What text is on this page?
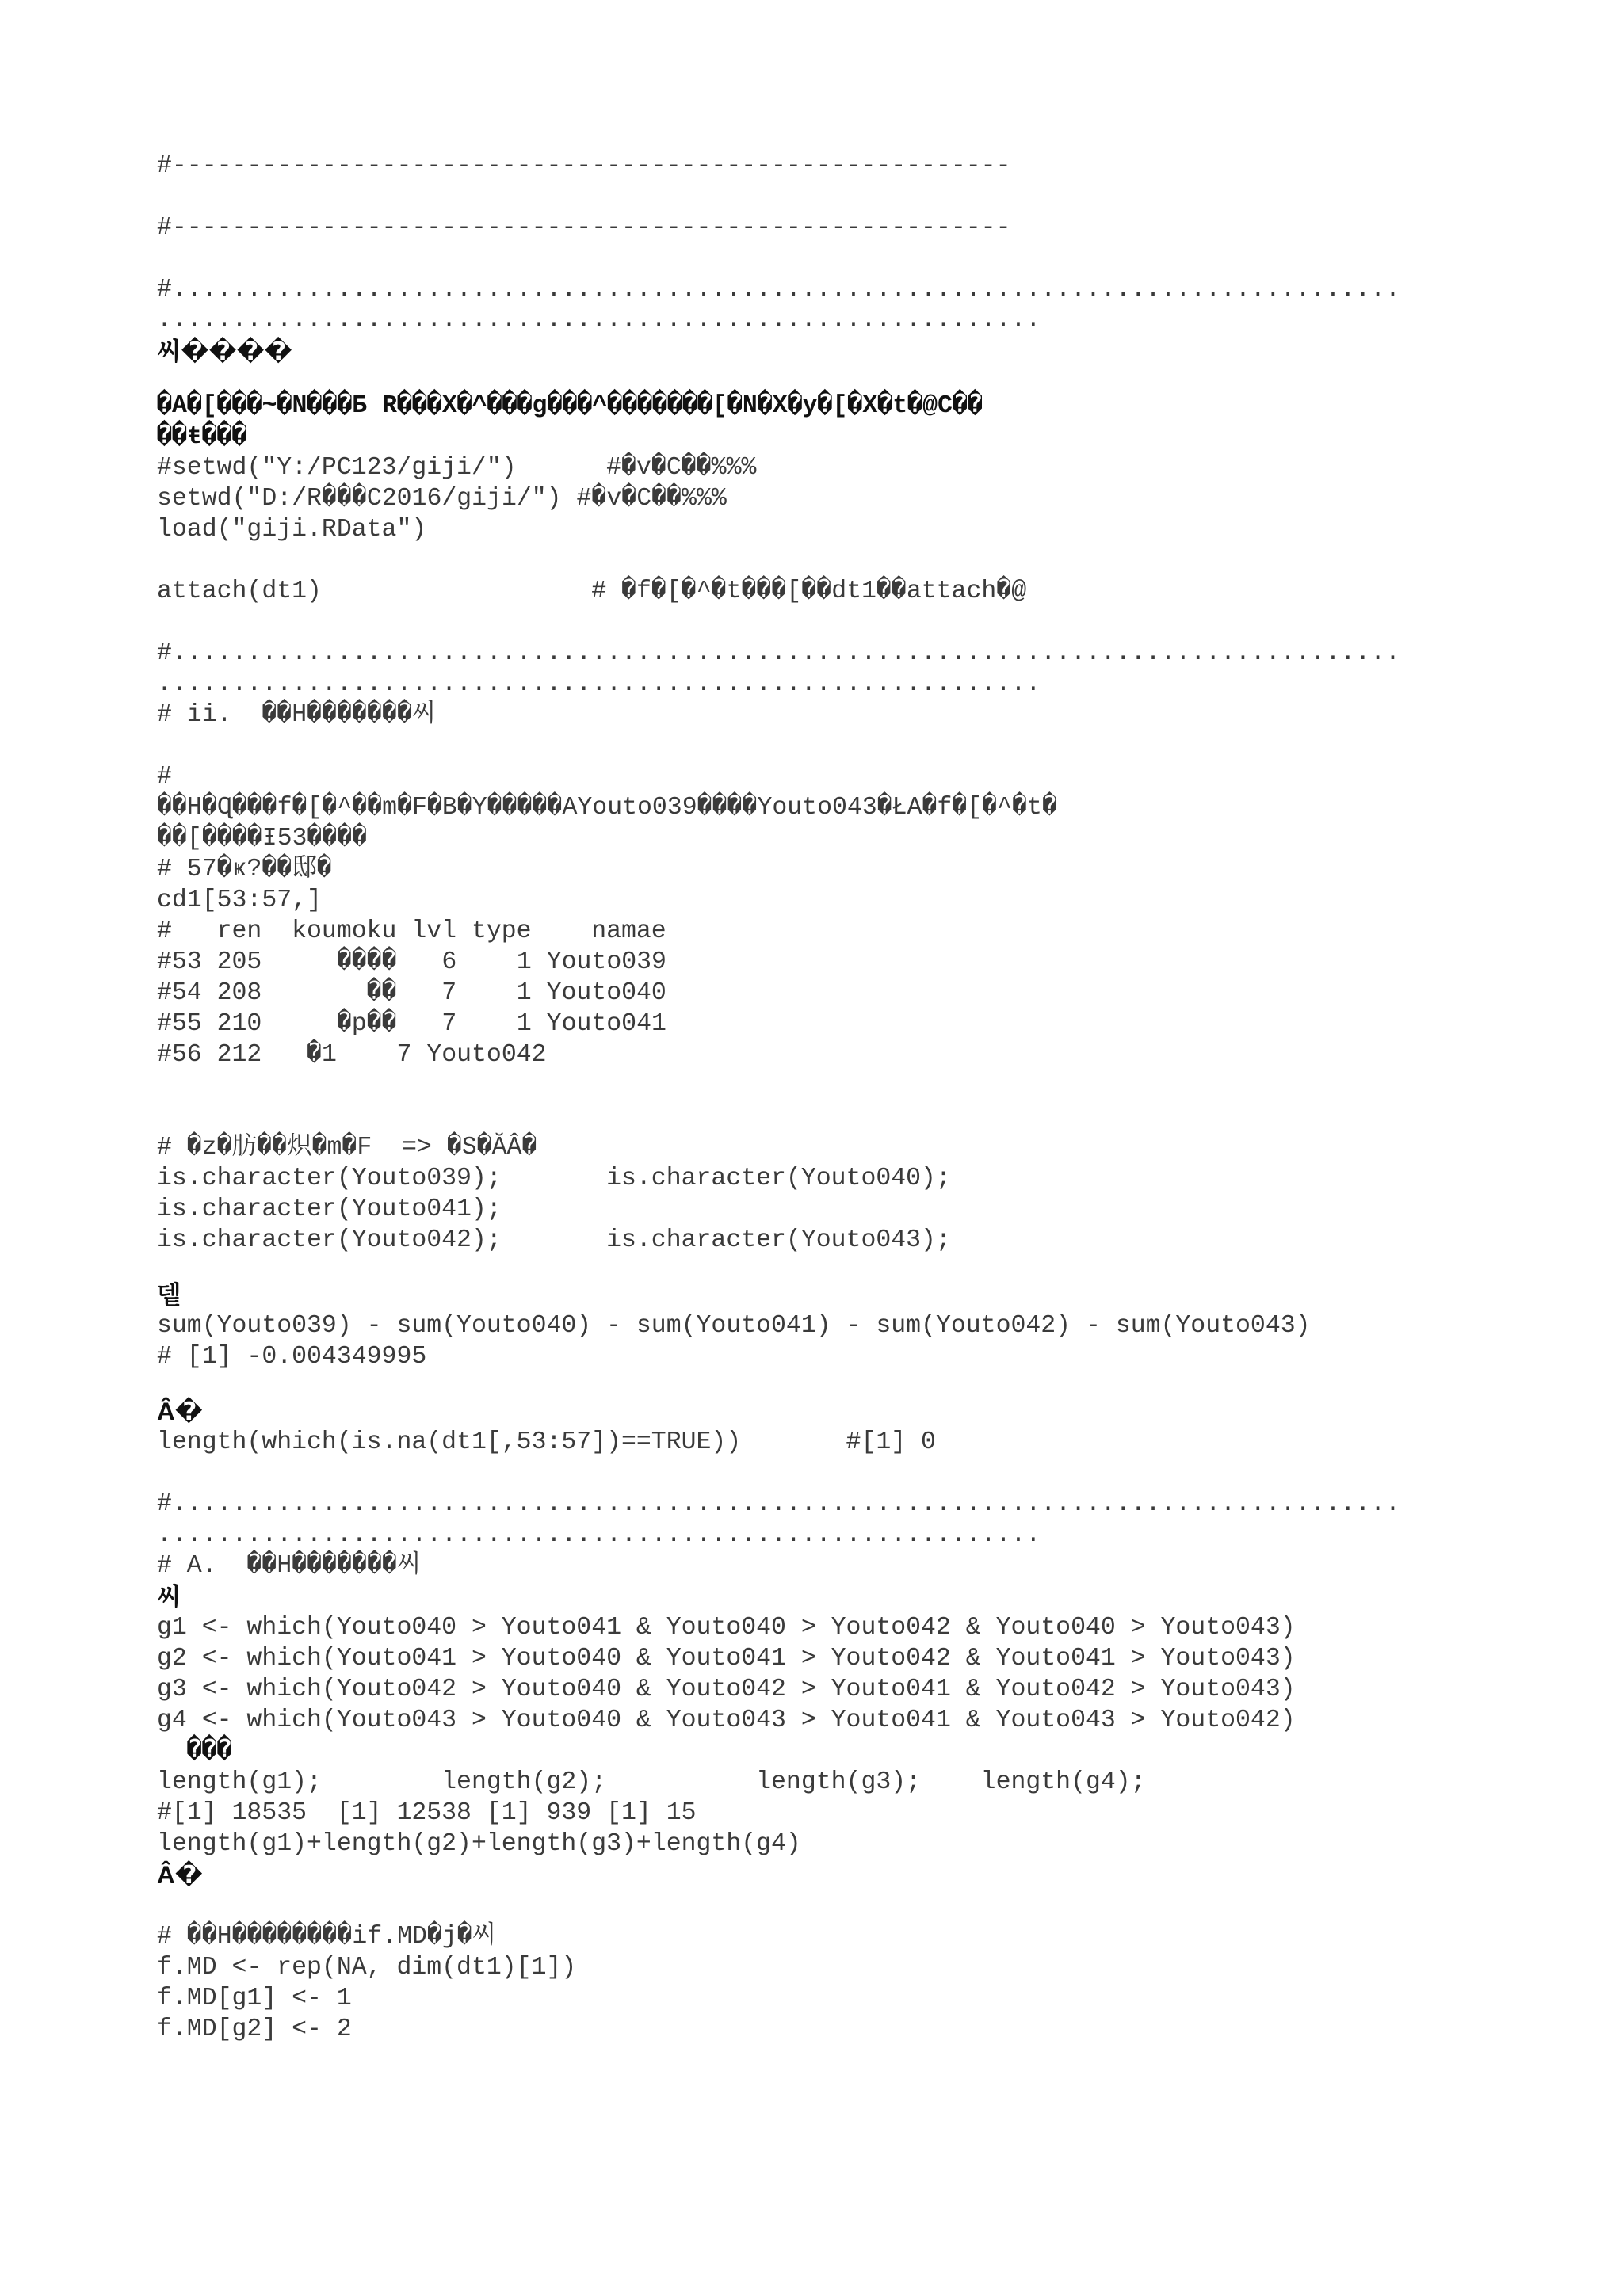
#--------------------------------------------------------
#--------------------------------------------------------
#..................................................................................
...........................................................
씨����
�A�[���~�N���Б R���X�^���g���^�������[�N�X�y�[�X�t�@C��
��ŧ���
#setwd("Y:/PC123/giji/")      #�v�C��%%%
setwd("D:/R���C2016/giji/") #�v�C��%%%
load("giji.RData")
attach(dt1)                  # �f�[�^�t���[��dt1��attach�@
#..................................................................................
...........................................................
# ii.  ��H�������씨
#
��H�Ɋ���f�[�^��m�F�B�Y�����AYouto039����Youto043�ŁA�f�[�^�t�
��[����Ɨ53����
# 57�ҝ?��邸�
cd1[53:57,]
#   ren  koumoku lvl type    namae
#53 205     ����   6    1 Youto039
#54 208       ��   7    1 Youto040
#55 210     �p��   7    1 Youto041
#56 212   �1    7 Youto042
# �z�肪��炽�m�F  => �S�ĂÂ�
is.character(Youto039);       is.character(Youto040);
is.character(Youto041);
is.character(Youto042);       is.character(Youto043);
뎉
sum(Youto039) - sum(Youto040) - sum(Youto041) - sum(Youto042) - sum(Youto043)
# [1] -0.004349995
Â�
length(which(is.na(dt1[,53:57])==TRUE))       #[1] 0
#..................................................................................
...........................................................
# A.  ��H�������씨
씨
g1 <- which(Youto040 > Youto041 & Youto040 > Youto042 & Youto040 > Youto043)
g2 <- which(Youto041 > Youto040 & Youto041 > Youto042 & Youto041 > Youto043)
g3 <- which(Youto042 > Youto040 & Youto042 > Youto041 & Youto042 > Youto043)
g4 <- which(Youto043 > Youto040 & Youto043 > Youto041 & Youto043 > Youto042)
���
length(g1);        length(g2);          length(g3);    length(g4);
#[1] 18535  [1] 12538 [1] 939 [1] 15
length(g1)+length(g2)+length(g3)+length(g4)
Â�
# ��H��������if.MD�j�씨
f.MD <- rep(NA, dim(dt1)[1])
f.MD[g1] <- 1
f.MD[g2] <- 2
